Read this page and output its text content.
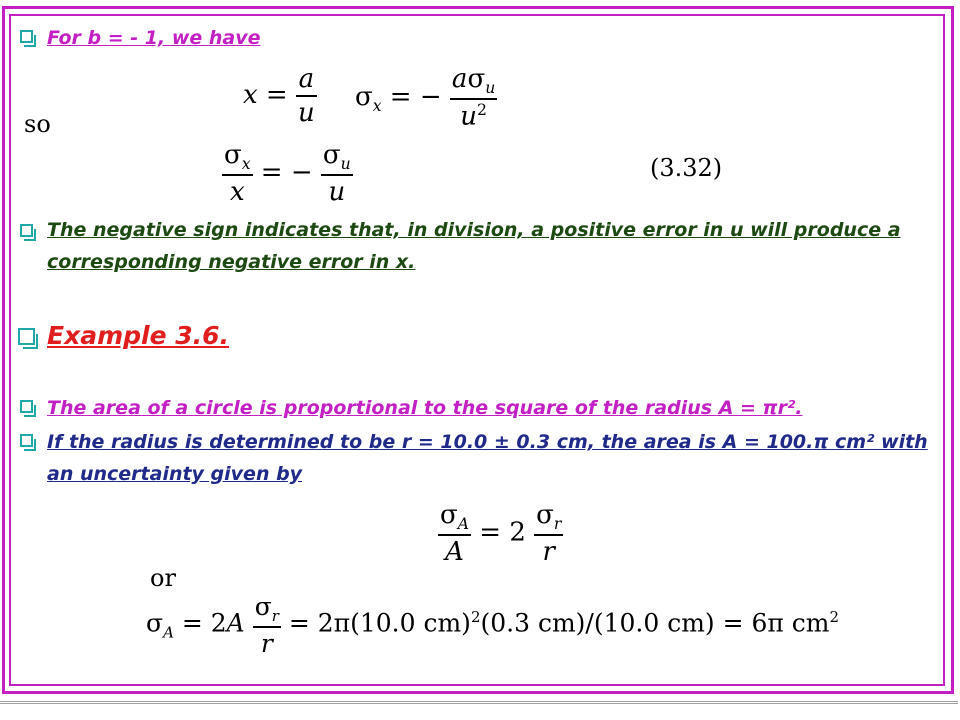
For b = - 1, we have
$x = \frac{a}{u} \sigma_x$ = − $\frac{a\sigma_u}{u^2}$
so
$\frac{\sigma_x}{x}$ = − $\frac{\sigma_u}{u}$	(3.32)
The negative sign indicates that, in division, a positive error in u will produce a corresponding negative error in x.
Example 3.6.
The area of a circle is proportional to the square of the radius A = πr².
If the radius is determined to be r = 10.0 ± 0.3 cm, the area is A = 100.π cm² with an uncertainty given by
$\frac{\sigma_A}{A} = 2 \frac{\sigma_r}{r}$
or
$\sigma_A = 2A \frac{\sigma_r}{r} = 2\pi(10.0$ cm)$^2$(0.3 cm)/(10.0 cm) = 6π $cm^2$
